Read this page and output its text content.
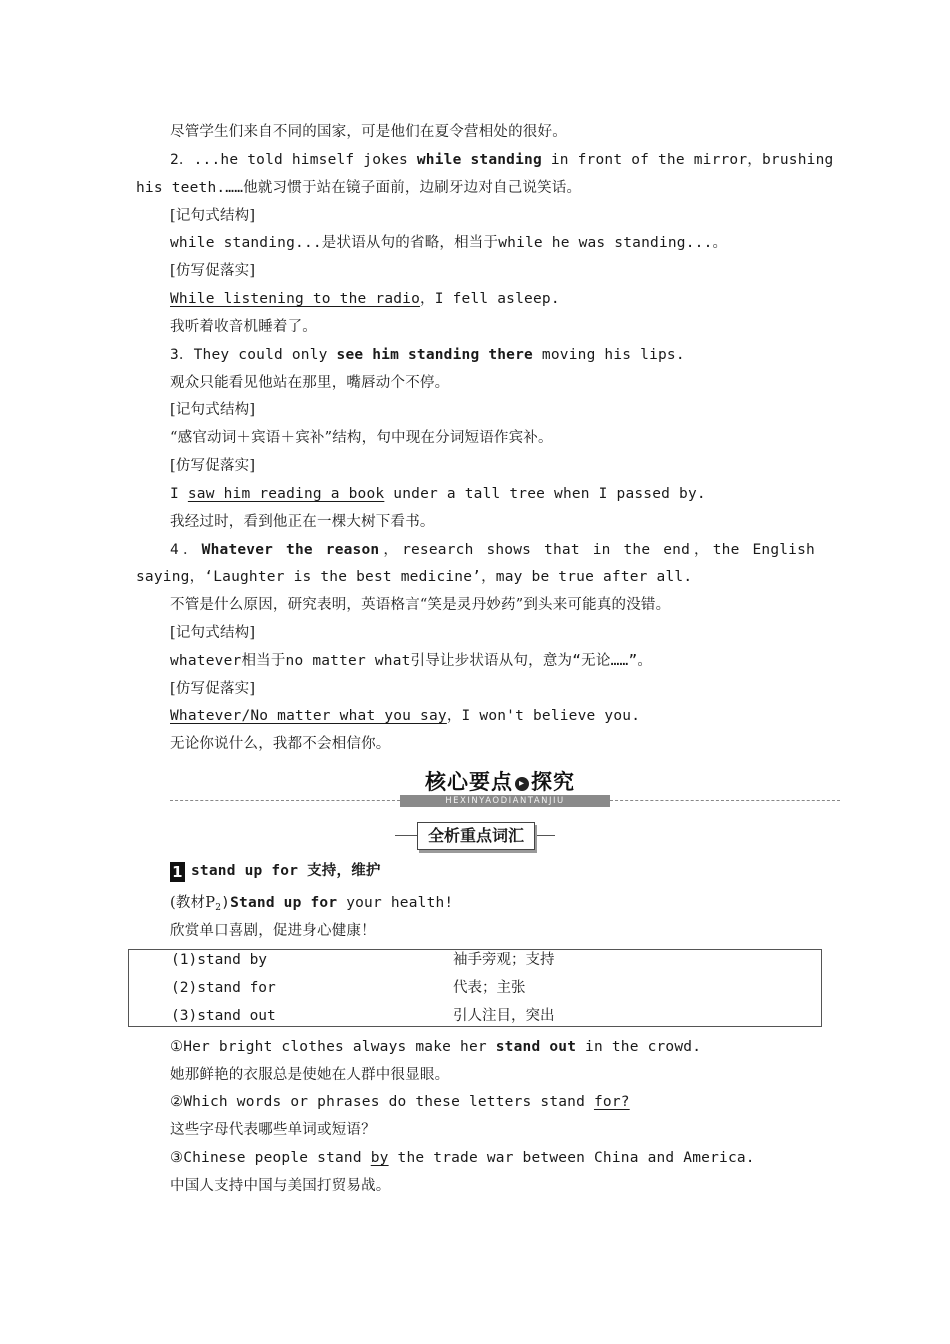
尽管学生们来自不同的国家，可是他们在夏令营相处的很好。
2．...he told himself jokes while standing in front of the mirror，brushing
his teeth.……他就习惯于站在镜子面前，边刷牙边对自己说笑话。
[记句式结构]
while standing...是状语从句的省略，相当于while he was standing...。
[仿写促落实]
While listening to the radio，I fell asleep.
我听着收音机睡着了。
3．They could only see him standing there moving his lips.
观众只能看见他站在那里，嘴唇动个不停。
[记句式结构]
“感官动词＋宾语＋宾补”结构，句中现在分词短语作宾补。
[仿写促落实]
I saw him reading a book under a tall tree when I passed by.
我经过时，看到他正在一棵大树下看书。
4．Whatever the reason，research shows that in the end，the English
saying，‘Laughter is the best medicine’，may be true after all.
不管是什么原因，研究表明，英语格言“笑是灵丹妙药”到头来可能真的没错。
[记句式结构]
whatever相当于no matter what引导让步状语从句，意为“无论……”。
[仿写促落实]
Whatever/No matter what you say，I won't believe you.
无论你说什么，我都不会相信你。
核心要点 ▸ 探究
HEXINYAODIANTANJIU
全析重点词汇
1 stand up for 支持，维护
(教材$P_2)Stand$ up for your health!
欣赏单口喜剧，促进身心健康！
(1)stand by	袖手旁观；支持
(2)stand for	代表；主张
(3)stand out	引人注目，突出
①Her bright clothes always make her stand out in the crowd.
她那鲜艳的衣服总是使她在人群中很显眼。
②Which words or phrases do these letters stand for?
这些字母代表哪些单词或短语？
③Chinese people stand by the trade war between China and America.
中国人支持中国与美国打贸易战。
